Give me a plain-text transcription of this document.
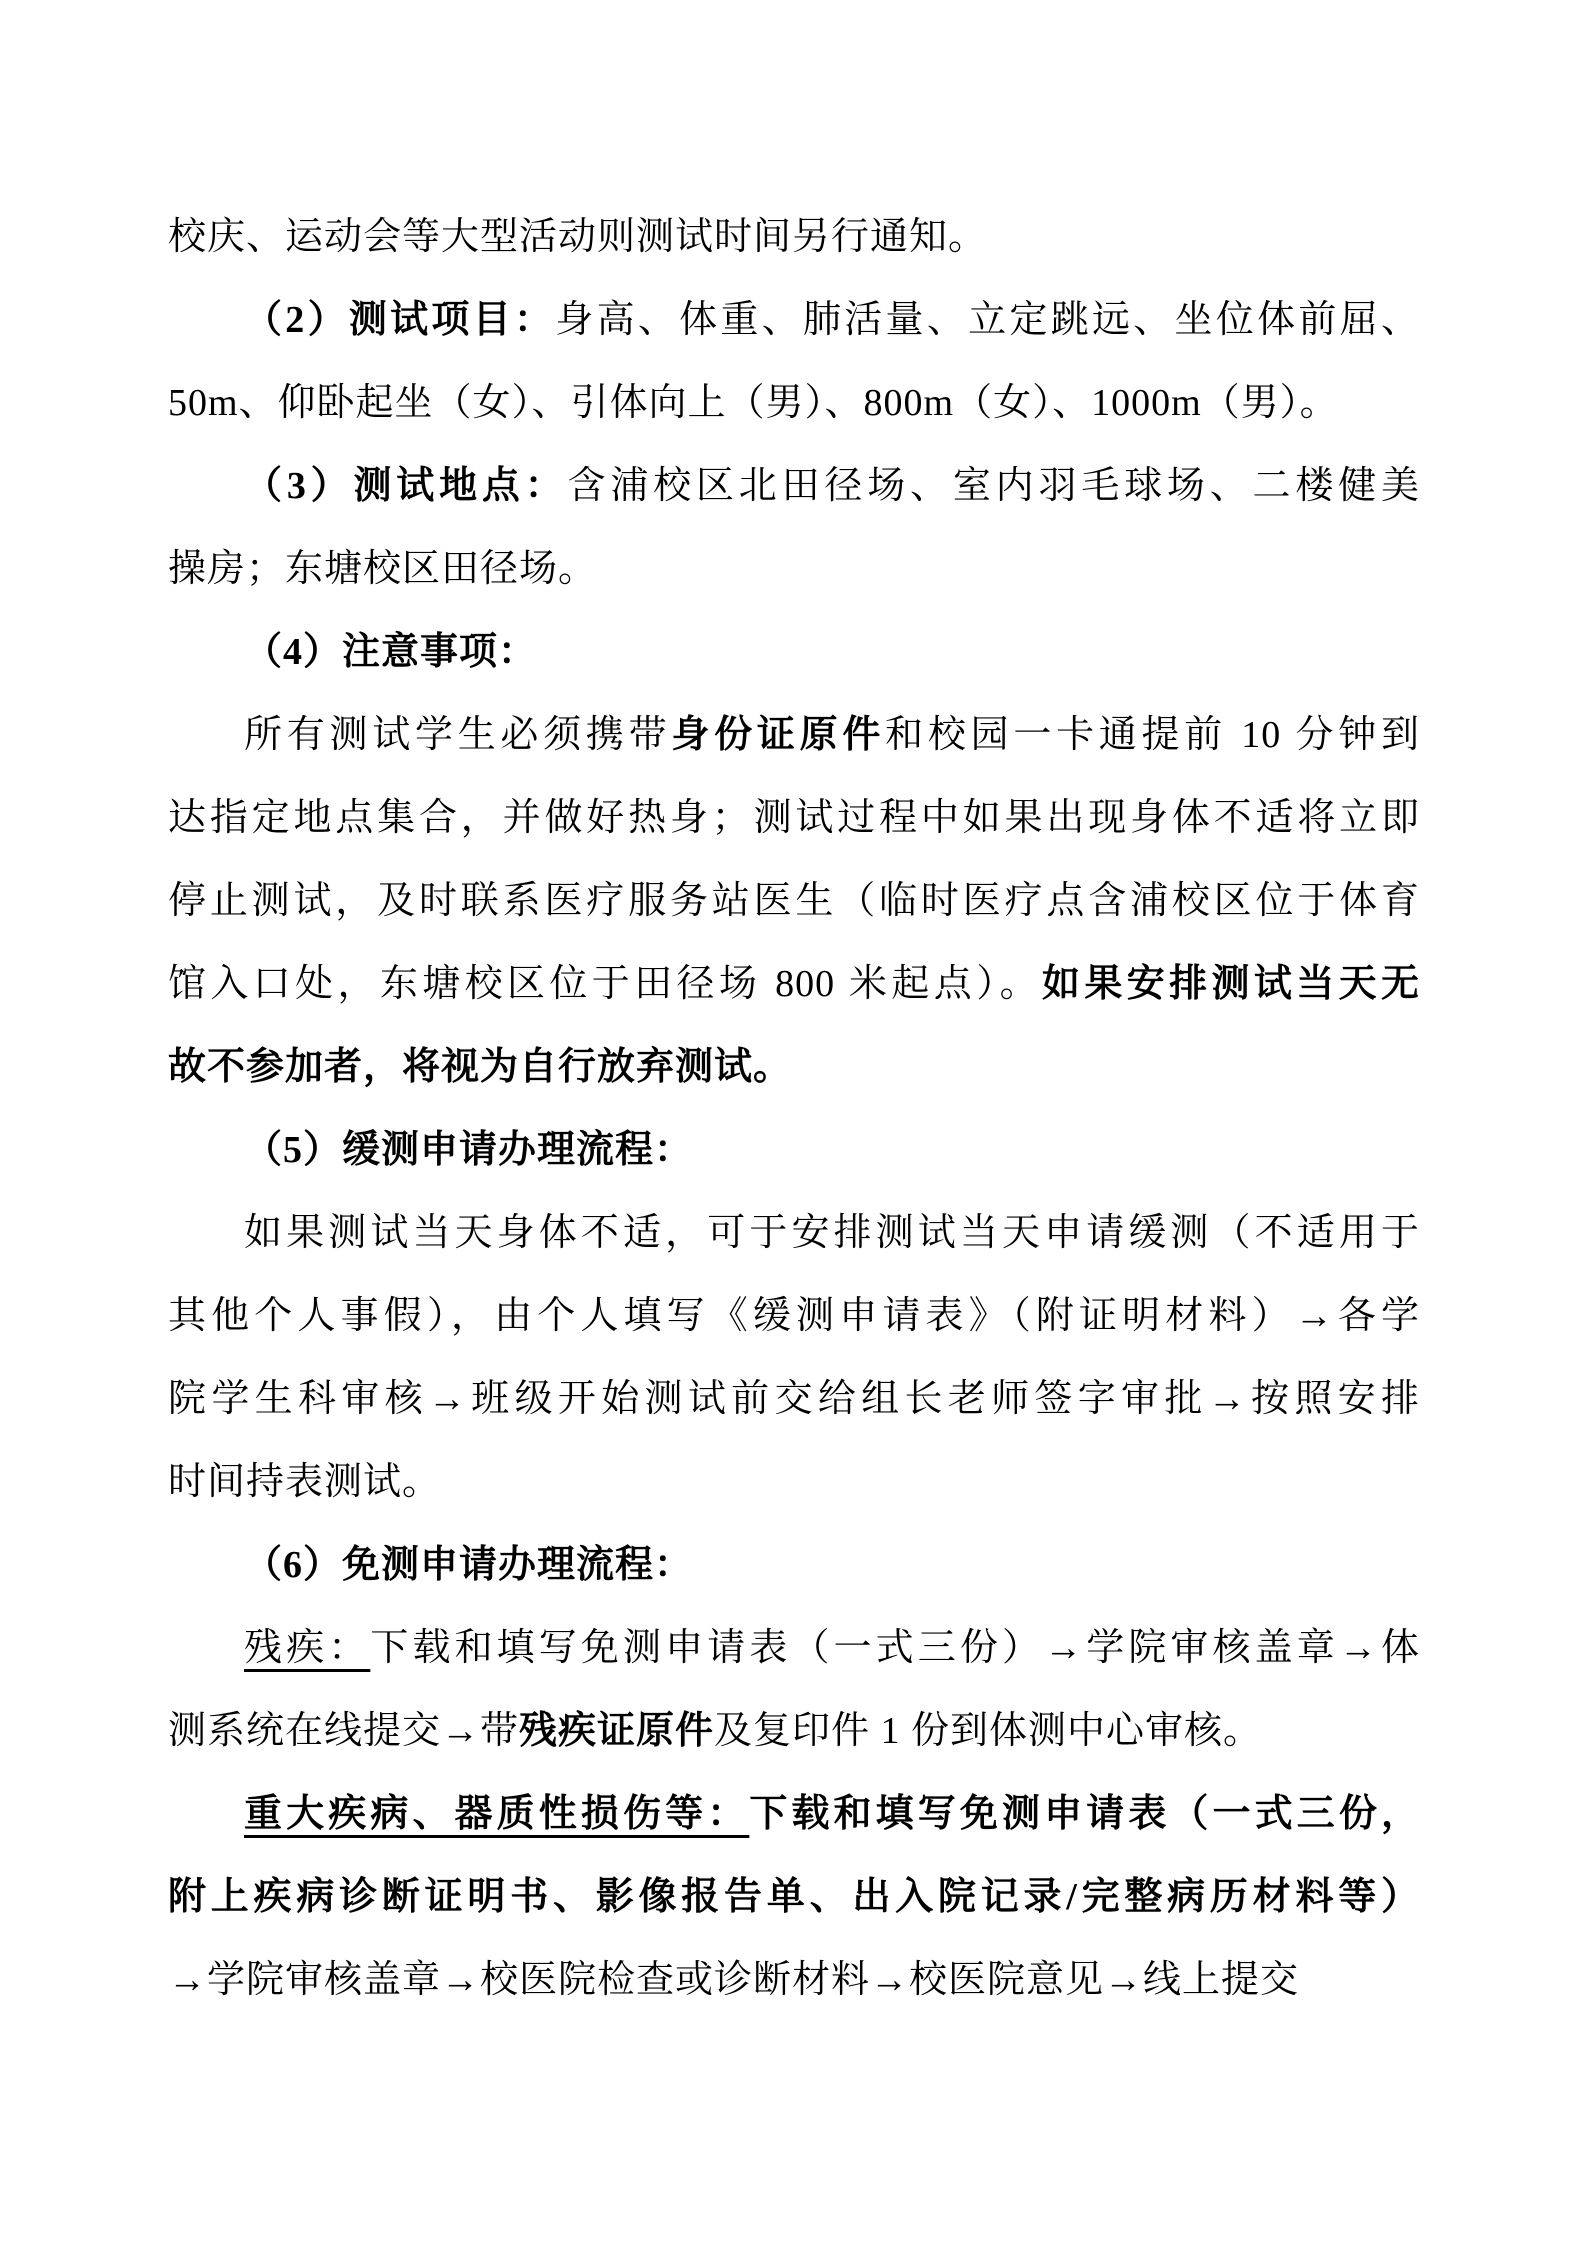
校庆、运动会等大型活动则测试时间另行通知。
（2）测试项目：身高、体重、肺活量、立定跳远、坐位体前屈、
50m、仰卧起坐（女）、引体向上（男）、800m（女）、1000m（男）。
（3）测试地点：含浦校区北田径场、室内羽毛球场、二楼健美
操房；东塘校区田径场。
（4）注意事项：
所有测试学生必须携带身份证原件和校园一卡通提前 10 分钟到
达指定地点集合，并做好热身；测试过程中如果出现身体不适将立即
停止测试，及时联系医疗服务站医生（临时医疗点含浦校区位于体育
馆入口处，东塘校区位于田径场 800 米起点）。如果安排测试当天无
故不参加者，将视为自行放弃测试。
（5）缓测申请办理流程：
如果测试当天身体不适，可于安排测试当天申请缓测（不适用于
其他个人事假），由个人填写《缓测申请表》（附证明材料）→各学
院学生科审核→班级开始测试前交给组长老师签字审批→按照安排
时间持表测试。
（6）免测申请办理流程：
残疾：下载和填写免测申请表（一式三份）→学院审核盖章→体
测系统在线提交→带残疾证原件及复印件 1 份到体测中心审核。
重大疾病、器质性损伤等：下载和填写免测申请表（一式三份，
附上疾病诊断证明书、影像报告单、出入院记录/完整病历材料等）
→学院审核盖章→校医院检查或诊断材料→校医院意见→线上提交
